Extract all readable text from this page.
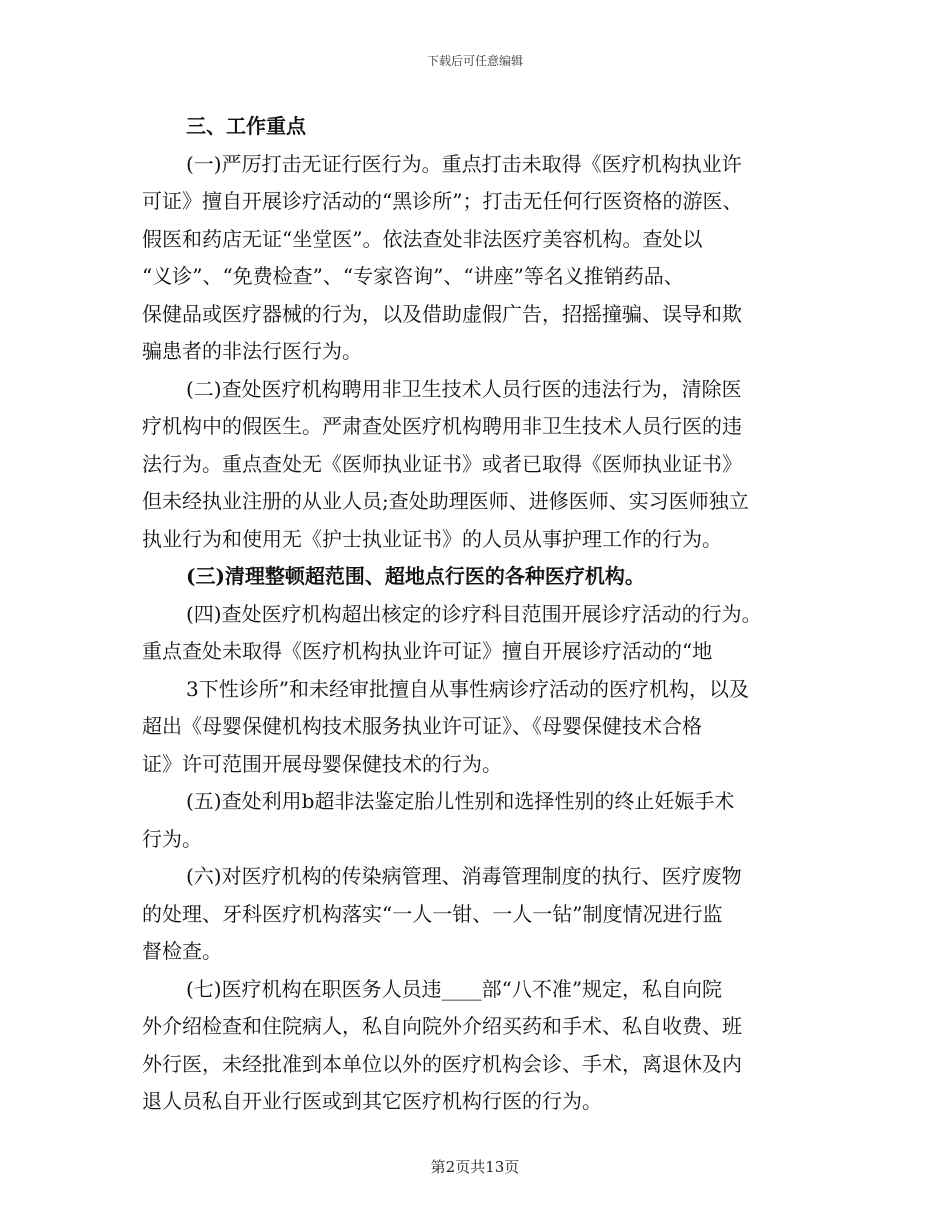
下载后可任意编辑
三、工作重点
(一)严厉打击无证行医行为。重点打击未取得《医疗机构执业许
可证》擅自开展诊疗活动的“黑诊所”；打击无任何行医资格的游医、
假医和药店无证“坐堂医”。依法查处非法医疗美容机构。查处以
“义诊”、“免费检查”、“专家咨询”、“讲座”等名义推销药品、
保健品或医疗器械的行为，以及借助虚假广告，招摇撞骗、误导和欺
骗患者的非法行医行为。
(二)查处医疗机构聘用非卫生技术人员行医的违法行为，清除医
疗机构中的假医生。严肃查处医疗机构聘用非卫生技术人员行医的违
法行为。重点查处无《医师执业证书》或者已取得《医师执业证书》
但未经执业注册的从业人员;查处助理医师、进修医师、实习医师独立
执业行为和使用无《护士执业证书》的人员从事护理工作的行为。
(三)清理整顿超范围、超地点行医的各种医疗机构。
(四)查处医疗机构超出核定的诊疗科目范围开展诊疗活动的行为。
重点查处未取得《医疗机构执业许可证》擅自开展诊疗活动的“地
3下性诊所”和未经审批擅自从事性病诊疗活动的医疗机构，以及
超出《母婴保健机构技术服务执业许可证》、《母婴保健技术合格
证》许可范围开展母婴保健技术的行为。
(五)查处利用b超非法鉴定胎儿性别和选择性别的终止妊娠手术
行为。
(六)对医疗机构的传染病管理、消毒管理制度的执行、医疗废物
的处理、牙科医疗机构落实“一人一钳、一人一钻”制度情况进行监
督检查。
(七)医疗机构在职医务人员违____部“八不准”规定，私自向院
外介绍检查和住院病人，私自向院外介绍买药和手术、私自收费、班
外行医，未经批准到本单位以外的医疗机构会诊、手术，离退休及内
退人员私自开业行医或到其它医疗机构行医的行为。
第2页共13页
